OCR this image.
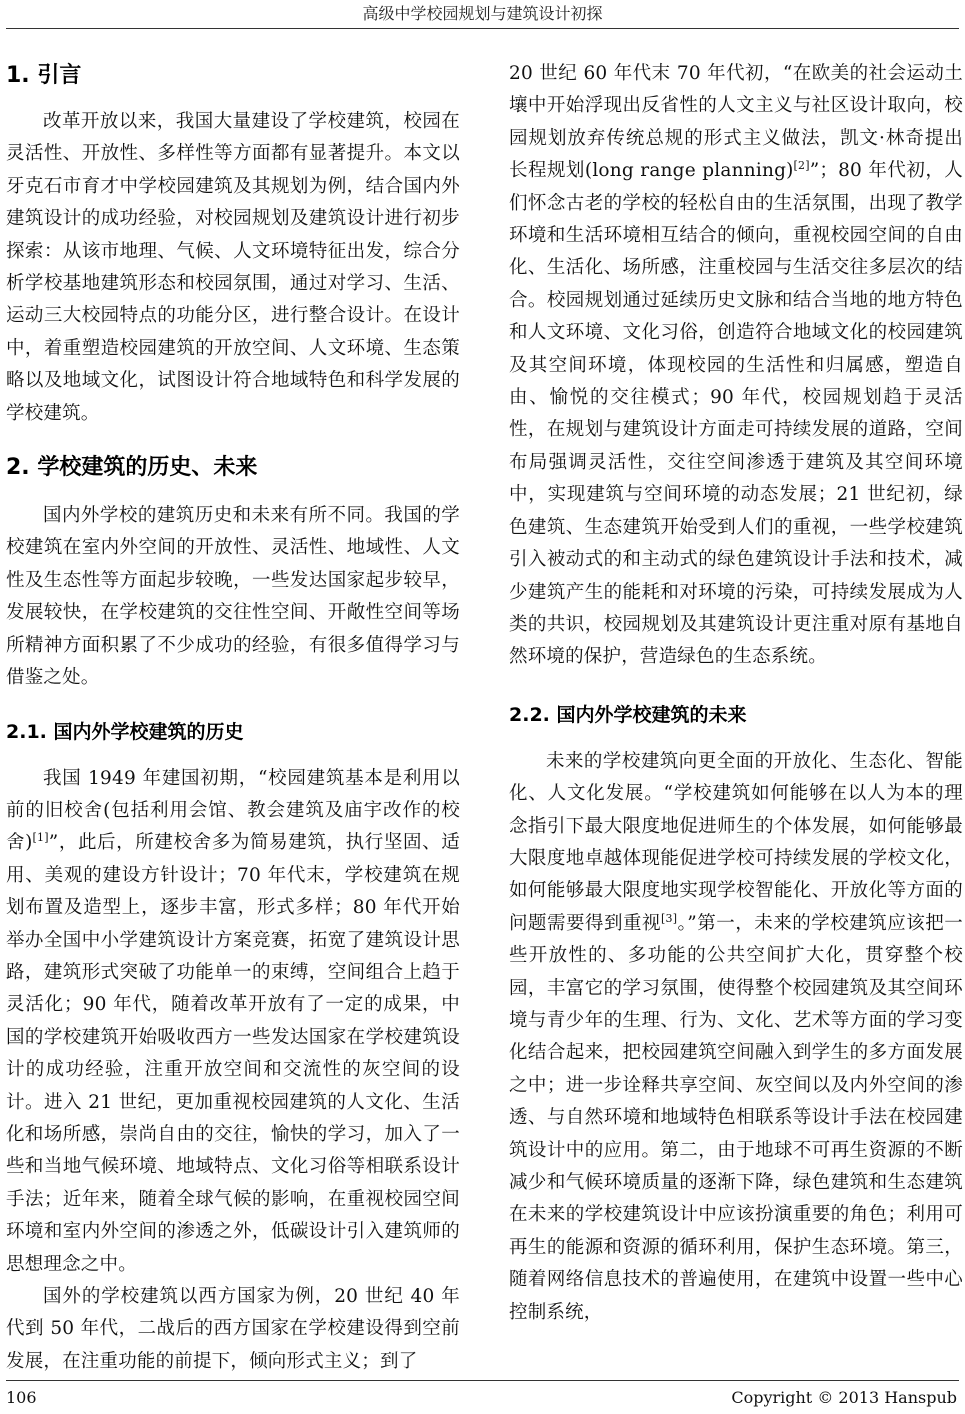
高级中学校园规划与建筑设计初探
1. 引言

改革开放以来，我国大量建设了学校建筑，校园在灵活性、开放性、多样性等方面都有显著提升。本文以牙克石市育才中学校园建筑及其规划为例，结合国内外建筑设计的成功经验，对校园规划及建筑设计进行初步探索：从该市地理、气候、人文环境特征出发，综合分析学校基地建筑形态和校园氛围，通过对学习、生活、运动三大校园特点的功能分区，进行整合设计。在设计中，着重塑造校园建筑的开放空间、人文环境、生态策略以及地域文化，试图设计符合地域特色和科学发展的学校建筑。

2. 学校建筑的历史、未来

国内外学校的建筑历史和未来有所不同。我国的学校建筑在室内外空间的开放性、灵活性、地域性、人文性及生态性等方面起步较晚，一些发达国家起步较早，发展较快，在学校建筑的交往性空间、开敞性空间等场所精神方面积累了不少成功的经验，有很多值得学习与借鉴之处。

2.1. 国内外学校建筑的历史

我国 1949 年建国初期，“校园建筑基本是利用以前的旧校舍(包括利用会馆、教会建筑及庙宇改作的校舍)[1]”，此后，所建校舍多为简易建筑，执行坚固、适用、美观的建设方针设计；70 年代末，学校建筑在规划布置及造型上，逐步丰富，形式多样；80 年代开始举办全国中小学建筑设计方案竞赛，拓宽了建筑设计思路，建筑形式突破了功能单一的束缚，空间组合上趋于灵活化；90 年代，随着改革开放有了一定的成果，中国的学校建筑开始吸收西方一些发达国家在学校建筑设计的成功经验，注重开放空间和交流性的灰空间的设计。进入 21 世纪，更加重视校园建筑的人文化、生活化和场所感，崇尚自由的交往，愉快的学习，加入了一些和当地气候环境、地域特点、文化习俗等相联系设计手法；近年来，随着全球气候的影响，在重视校园空间环境和室内外空间的渗透之外，低碳设计引入建筑师的思想理念之中。

国外的学校建筑以西方国家为例，20 世纪 40 年代到 50 年代，二战后的西方国家在学校建设得到空前发展，在注重功能的前提下，倾向形式主义；到了

20 世纪 60 年代末 70 年代初，“在欧美的社会运动土壤中开始浮现出反省性的人文主义与社区设计取向，校园规划放弃传统总规的形式主义做法，凯文·林奇提出长程规划(long range planning)[2]”；80 年代初，人们怀念古老的学校的轻松自由的生活氛围，出现了教学环境和生活环境相互结合的倾向，重视校园空间的自由化、生活化、场所感，注重校园与生活交往多层次的结合。校园规划通过延续历史文脉和结合当地的地方特色和人文环境、文化习俗，创造符合地域文化的校园建筑及其空间环境，体现校园的生活性和归属感，塑造自由、愉悦的交往模式；90 年代，校园规划趋于灵活性，在规划与建筑设计方面走可持续发展的道路，空间布局强调灵活性，交往空间渗透于建筑及其空间环境中，实现建筑与空间环境的动态发展；21 世纪初，绿色建筑、生态建筑开始受到人们的重视，一些学校建筑引入被动式的和主动式的绿色建筑设计手法和技术，减少建筑产生的能耗和对环境的污染，可持续发展成为人类的共识，校园规划及其建筑设计更注重对原有基地自然环境的保护，营造绿色的生态系统。

2.2. 国内外学校建筑的未来

未来的学校建筑向更全面的开放化、生态化、智能化、人文化发展。“学校建筑如何能够在以人为本的理念指引下最大限度地促进师生的个体发展，如何能够最大限度地卓越体现能促进学校可持续发展的学校文化，如何能够最大限度地实现学校智能化、开放化等方面的问题需要得到重视[3]。”第一，未来的学校建筑应该把一些开放性的、多功能的公共空间扩大化，贯穿整个校园，丰富它的学习氛围，使得整个校园建筑及其空间环境与青少年的生理、行为、文化、艺术等方面的学习变化结合起来，把校园建筑空间融入到学生的多方面发展之中；进一步诠释共享空间、灰空间以及内外空间的渗透、与自然环境和地域特色相联系等设计手法在校园建筑设计中的应用。第二，由于地球不可再生资源的不断减少和气候环境质量的逐渐下降，绿色建筑和生态建筑在未来的学校建筑设计中应该扮演重要的角色；利用可再生的能源和资源的循环利用，保护生态环境。第三，随着网络信息技术的普遍使用，在建筑中设置一些中心控制系统，

106	Copyright © 2013 Hanspub
